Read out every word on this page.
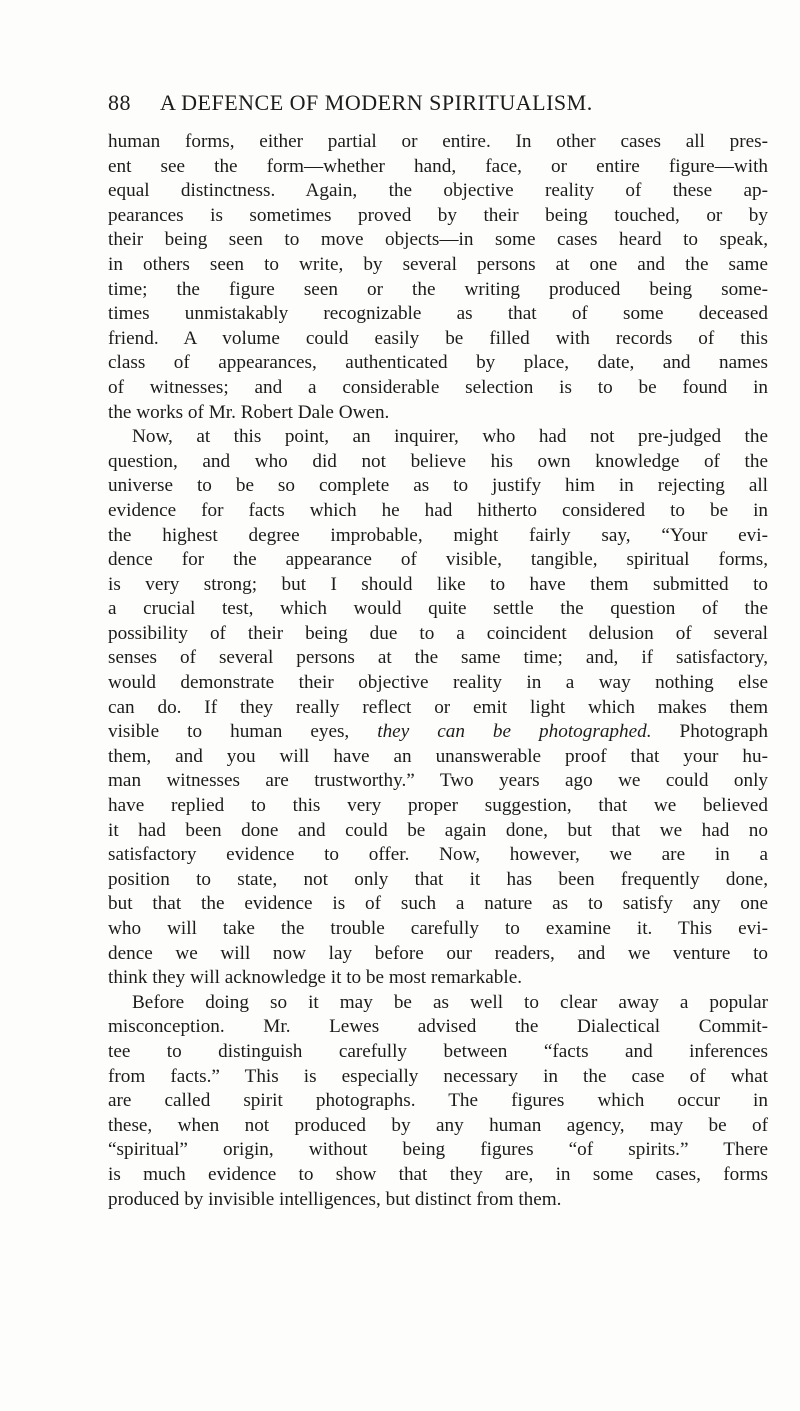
88 A DEFENCE OF MODERN SPIRITUALISM.
human forms, either partial or entire. In other cases all pres-
ent see the form—whether hand, face, or entire figure—with
equal distinctness. Again, the objective reality of these ap-
pearances is sometimes proved by their being touched, or by
their being seen to move objects—in some cases heard to speak,
in others seen to write, by several persons at one and the same
time; the figure seen or the writing produced being some-
times unmistakably recognizable as that of some deceased
friend. A volume could easily be filled with records of this
class of appearances, authenticated by place, date, and names
of witnesses; and a considerable selection is to be found in
the works of Mr. Robert Dale Owen.
Now, at this point, an inquirer, who had not pre-judged the
question, and who did not believe his own knowledge of the
universe to be so complete as to justify him in rejecting all
evidence for facts which he had hitherto considered to be in
the highest degree improbable, might fairly say, “Your evi-
dence for the appearance of visible, tangible, spiritual forms,
is very strong; but I should like to have them submitted to
a crucial test, which would quite settle the question of the
possibility of their being due to a coincident delusion of several
senses of several persons at the same time; and, if satisfactory,
would demonstrate their objective reality in a way nothing else
can do. If they really reflect or emit light which makes them
visible to human eyes, they can be photographed. Photograph
them, and you will have an unanswerable proof that your hu-
man witnesses are trustworthy.” Two years ago we could only
have replied to this very proper suggestion, that we believed
it had been done and could be again done, but that we had no
satisfactory evidence to offer. Now, however, we are in a
position to state, not only that it has been frequently done,
but that the evidence is of such a nature as to satisfy any one
who will take the trouble carefully to examine it. This evi-
dence we will now lay before our readers, and we venture to
think they will acknowledge it to be most remarkable.
Before doing so it may be as well to clear away a popular
misconception. Mr. Lewes advised the Dialectical Commit-
tee to distinguish carefully between “facts and inferences
from facts.” This is especially necessary in the case of what
are called spirit photographs. The figures which occur in
these, when not produced by any human agency, may be of
“spiritual” origin, without being figures “of spirits.” There
is much evidence to show that they are, in some cases, forms
produced by invisible intelligences, but distinct from them.
